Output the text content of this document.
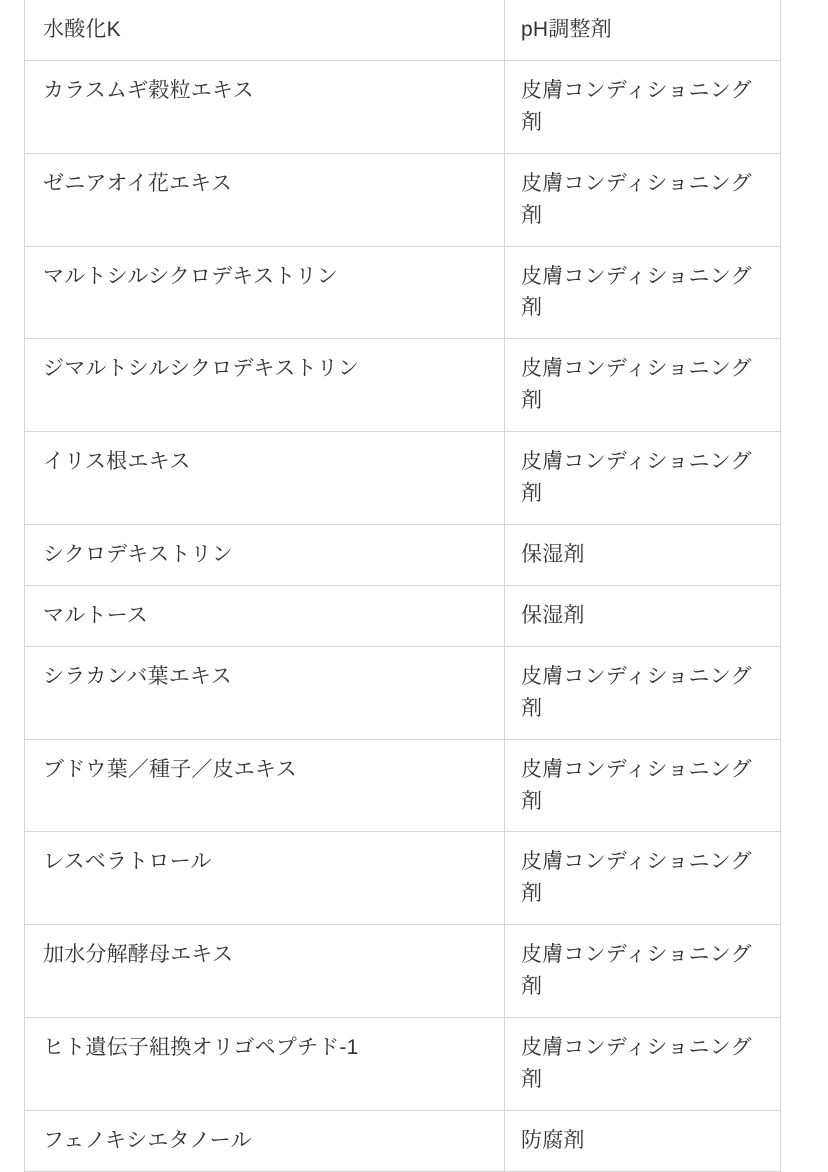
水酸化K	pH調整剤
カラスムギ穀粒エキス	皮膚コンディショニング剤
ゼニアオイ花エキス	皮膚コンディショニング剤
マルトシルシクロデキストリン	皮膚コンディショニング剤
ジマルトシルシクロデキストリン	皮膚コンディショニング剤
イリス根エキス	皮膚コンディショニング剤
シクロデキストリン	保湿剤
マルトース	保湿剤
シラカンバ葉エキス	皮膚コンディショニング剤
ブドウ葉／種子／皮エキス	皮膚コンディショニング剤
レスベラトロール	皮膚コンディショニング剤
加水分解酵母エキス	皮膚コンディショニング剤
ヒト遺伝子組換オリゴペプチド-1	皮膚コンディショニング剤
フェノキシエタノール	防腐剤
